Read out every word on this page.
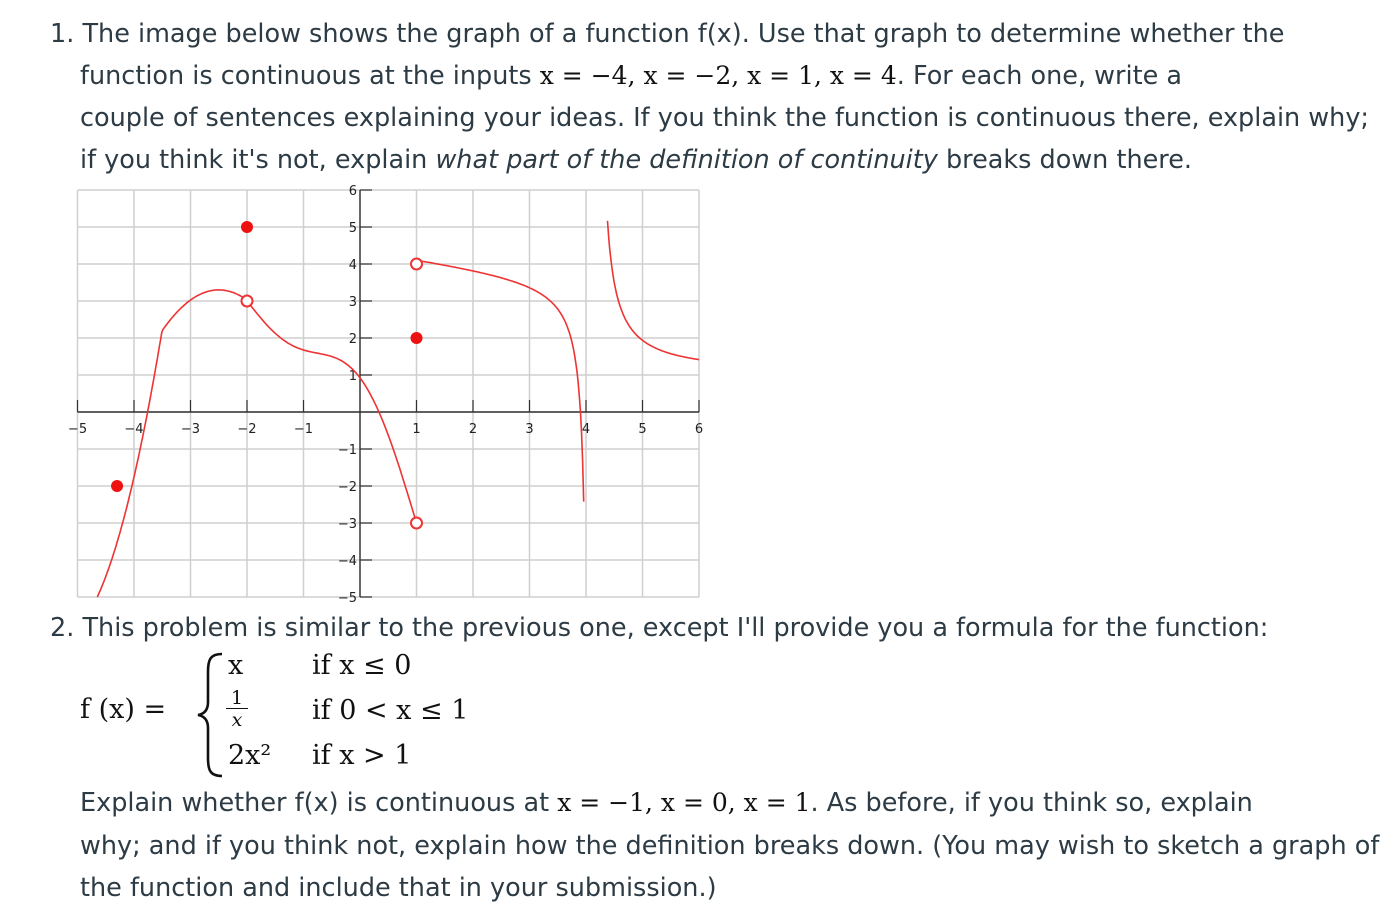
1. The image below shows the graph of a function f(x). Use that graph to determine whether the
function is continuous at the inputs x = −4, x = −2, x = 1, x = 4. For each one, write a
couple of sentences explaining your ideas. If you think the function is continuous there, explain why;
if you think it's not, explain what part of the definition of continuity breaks down there.
−5	−4	−3	−2	−1	1	2	3	4	5	6
6
5
4
3
2
1
−1
−2
−3
−4
−5
2. This problem is similar to the previous one, except I'll provide you a formula for the function:
f (x) =
x	if x ≤ 0
$\frac{1}{x}$ if 0 < x ≤ 1
2x² if x > 1
Explain whether f(x) is continuous at x = −1, x = 0, x = 1. As before, if you think so, explain
why; and if you think not, explain how the definition breaks down. (You may wish to sketch a graph of
the function and include that in your submission.)
